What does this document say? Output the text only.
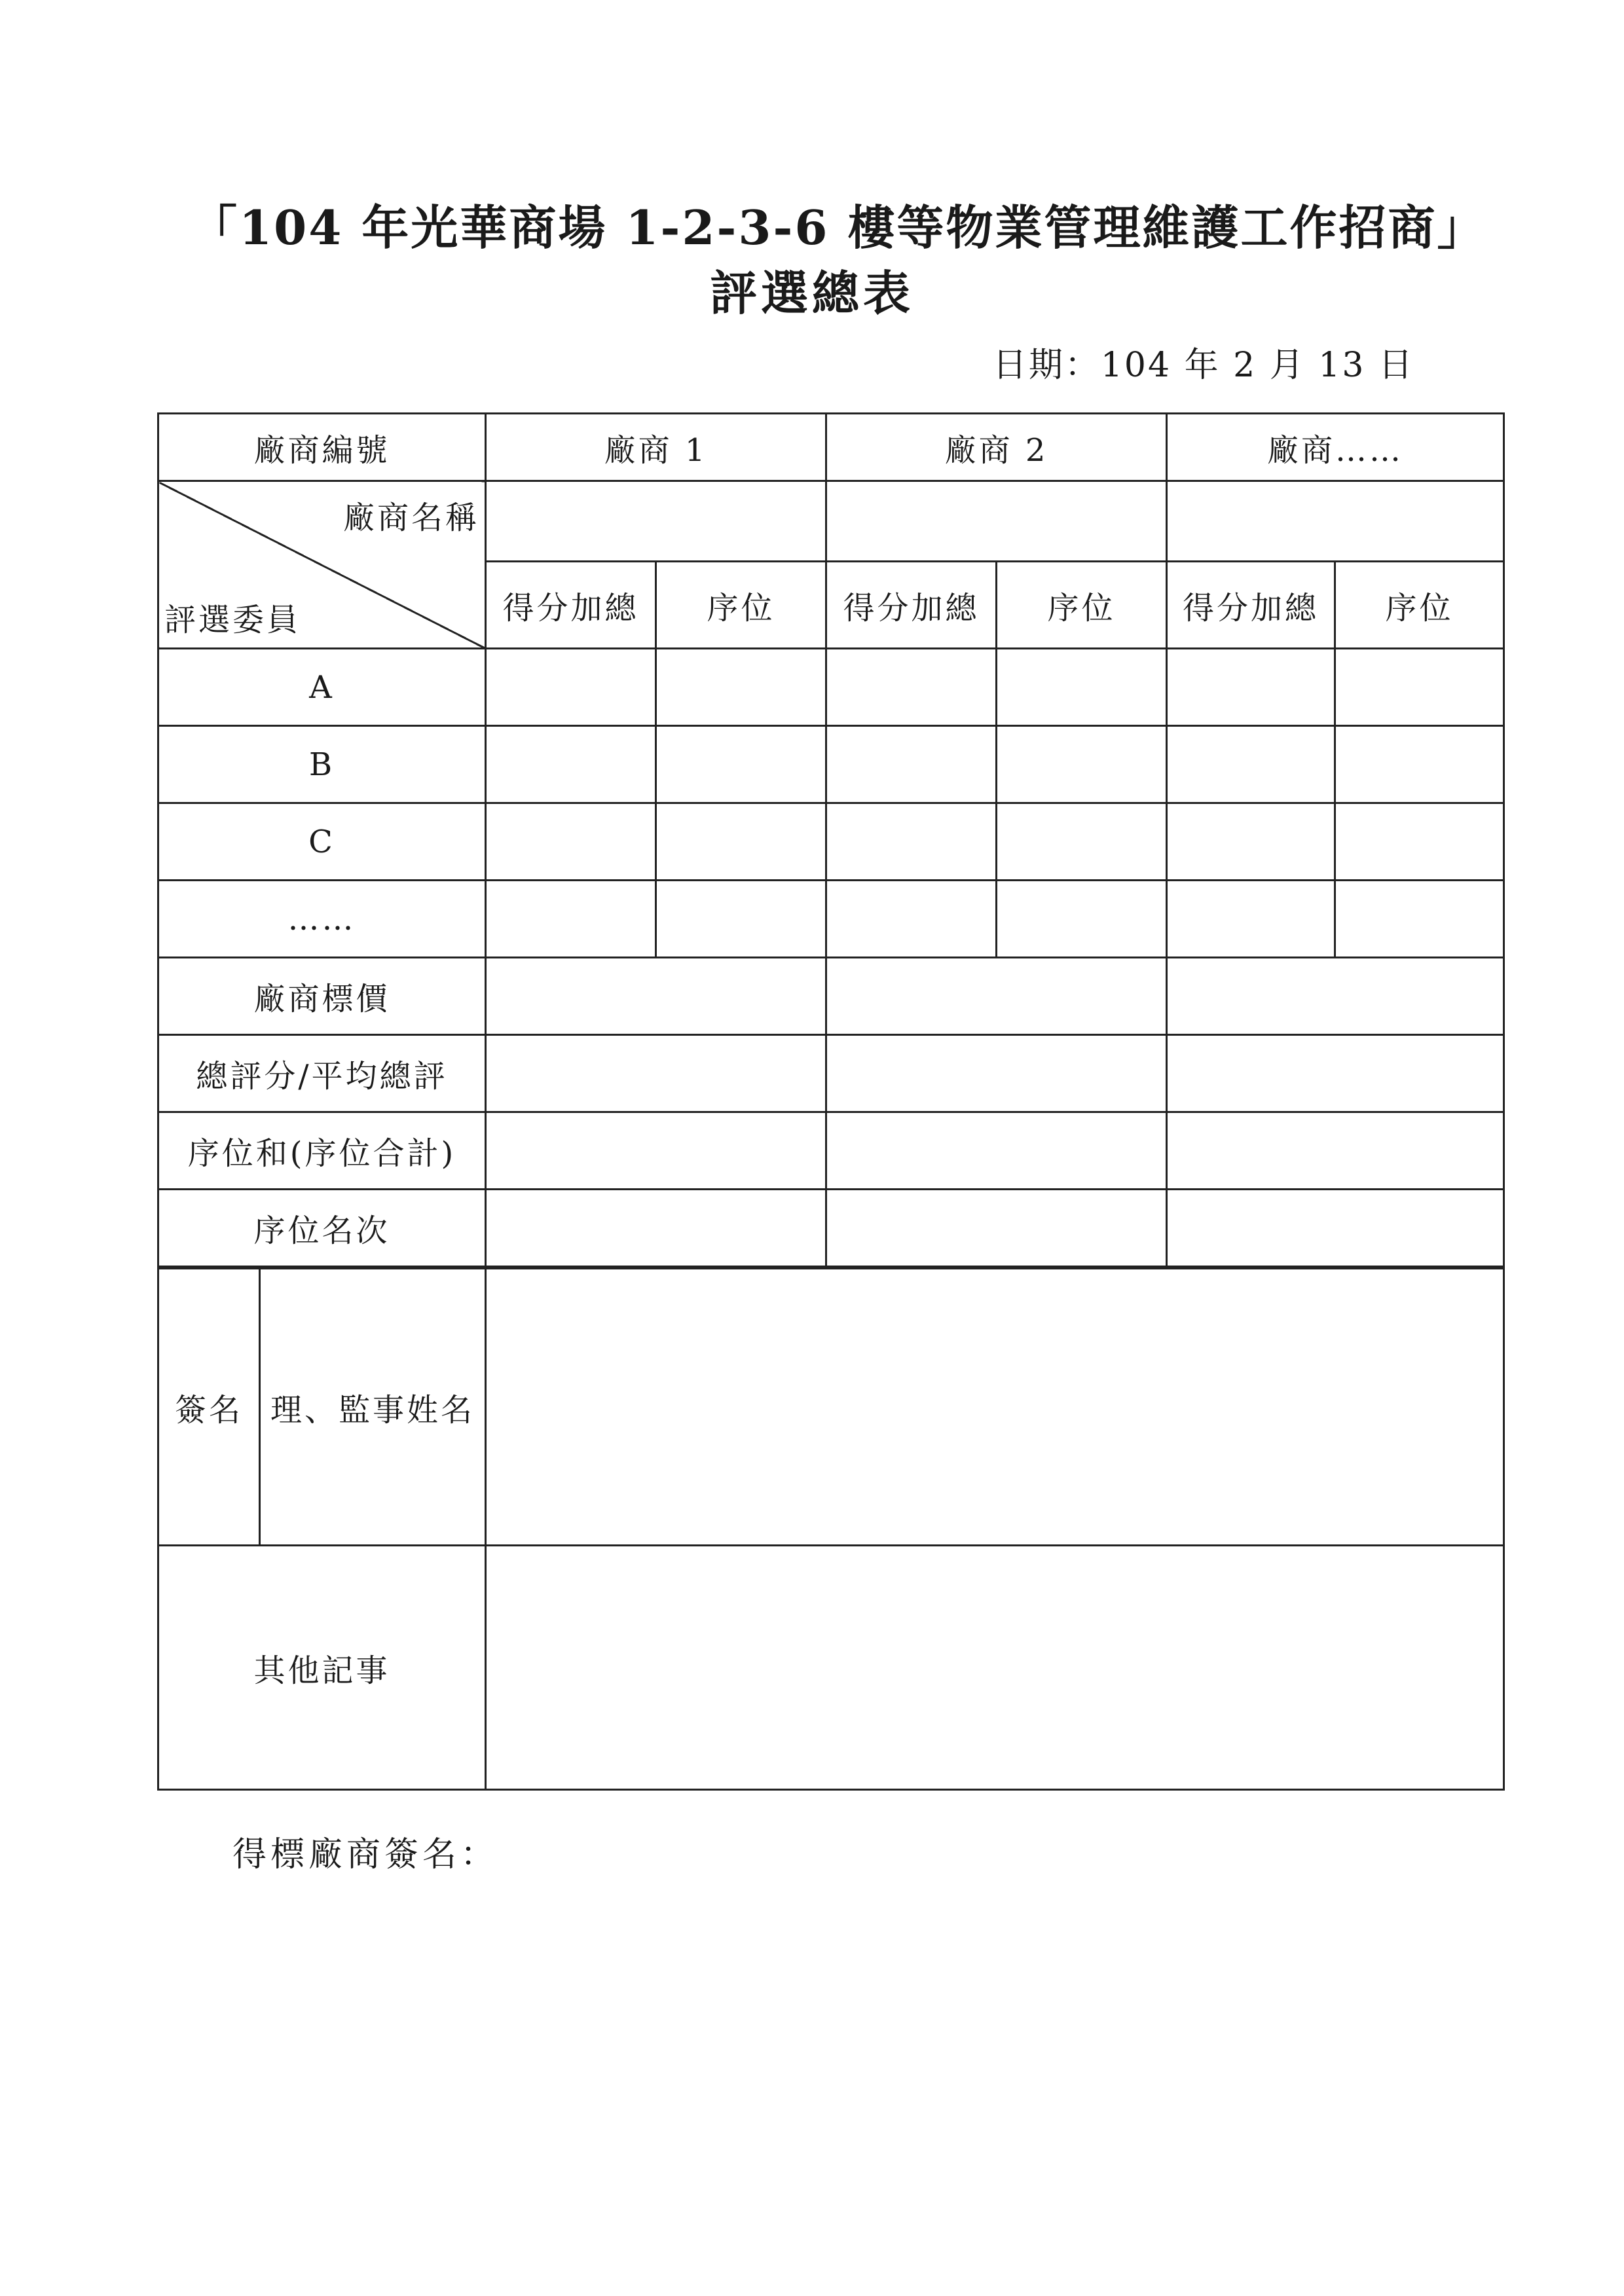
「104 年光華商場 1-2-3-6 樓等物業管理維護工作招商」
評選總表
日期：104 年 2 月 13 日
廠商編號		廠商 1		廠商 2		廠商……	

廠商名稱
評選委員							

		得分加總	序位	得分加總	序位	得分加總	序位
A							
B							
C							
……							
廠商標價							
總評分/平均總評							
序位和(序位合計)							
序位名次							
簽名	理、監事姓名						
其他記事							
得標廠商簽名：
